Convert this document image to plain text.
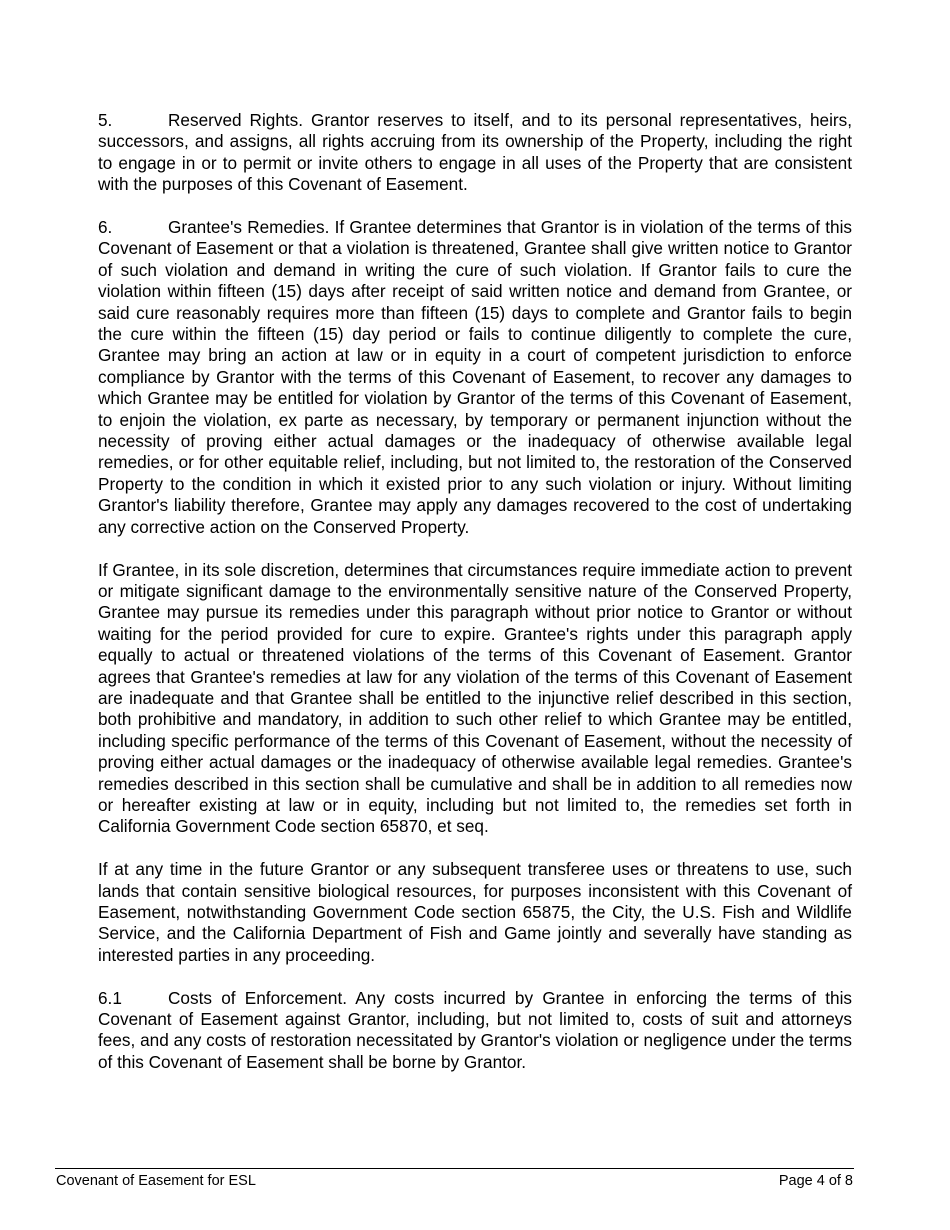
5.	Reserved Rights. Grantor reserves to itself, and to its personal representatives, heirs, successors, and assigns, all rights accruing from its ownership of the Property, including the right to engage in or to permit or invite others to engage in all uses of the Property that are consistent with the purposes of this Covenant of Easement.

6.	Grantee's Remedies. If Grantee determines that Grantor is in violation of the terms of this Covenant of Easement or that a violation is threatened, Grantee shall give written notice to Grantor of such violation and demand in writing the cure of such violation. If Grantor fails to cure the violation within fifteen (15) days after receipt of said written notice and demand from Grantee, or said cure reasonably requires more than fifteen (15) days to complete and Grantor fails to begin the cure within the fifteen (15) day period or fails to continue diligently to complete the cure, Grantee may bring an action at law or in equity in a court of competent jurisdiction to enforce compliance by Grantor with the terms of this Covenant of Easement, to recover any damages to which Grantee may be entitled for violation by Grantor of the terms of this Covenant of Easement, to enjoin the violation, ex parte as necessary, by temporary or permanent injunction without the necessity of proving either actual damages or the inadequacy of otherwise available legal remedies, or for other equitable relief, including, but not limited to, the restoration of the Conserved Property to the condition in which it existed prior to any such violation or injury. Without limiting Grantor's liability therefore, Grantee may apply any damages recovered to the cost of undertaking any corrective action on the Conserved Property.

If Grantee, in its sole discretion, determines that circumstances require immediate action to prevent or mitigate significant damage to the environmentally sensitive nature of the Conserved Property, Grantee may pursue its remedies under this paragraph without prior notice to Grantor or without waiting for the period provided for cure to expire. Grantee's rights under this paragraph apply equally to actual or threatened violations of the terms of this Covenant of Easement. Grantor agrees that Grantee's remedies at law for any violation of the terms of this Covenant of Easement are inadequate and that Grantee shall be entitled to the injunctive relief described in this section, both prohibitive and mandatory, in addition to such other relief to which Grantee may be entitled, including specific performance of the terms of this Covenant of Easement, without the necessity of proving either actual damages or the inadequacy of otherwise available legal remedies. Grantee's remedies described in this section shall be cumulative and shall be in addition to all remedies now or hereafter existing at law or in equity, including but not limited to, the remedies set forth in California Government Code section 65870, et seq.

If at any time in the future Grantor or any subsequent transferee uses or threatens to use, such lands that contain sensitive biological resources, for purposes inconsistent with this Covenant of Easement, notwithstanding Government Code section 65875, the City, the U.S. Fish and Wildlife Service, and the California Department of Fish and Game jointly and severally have standing as interested parties in any proceeding.

6.1	Costs of Enforcement. Any costs incurred by Grantee in enforcing the terms of this Covenant of Easement against Grantor, including, but not limited to, costs of suit and attorneys fees, and any costs of restoration necessitated by Grantor's violation or negligence under the terms of this Covenant of Easement shall be borne by Grantor.

Covenant of Easement for ESL	Page 4 of 8
